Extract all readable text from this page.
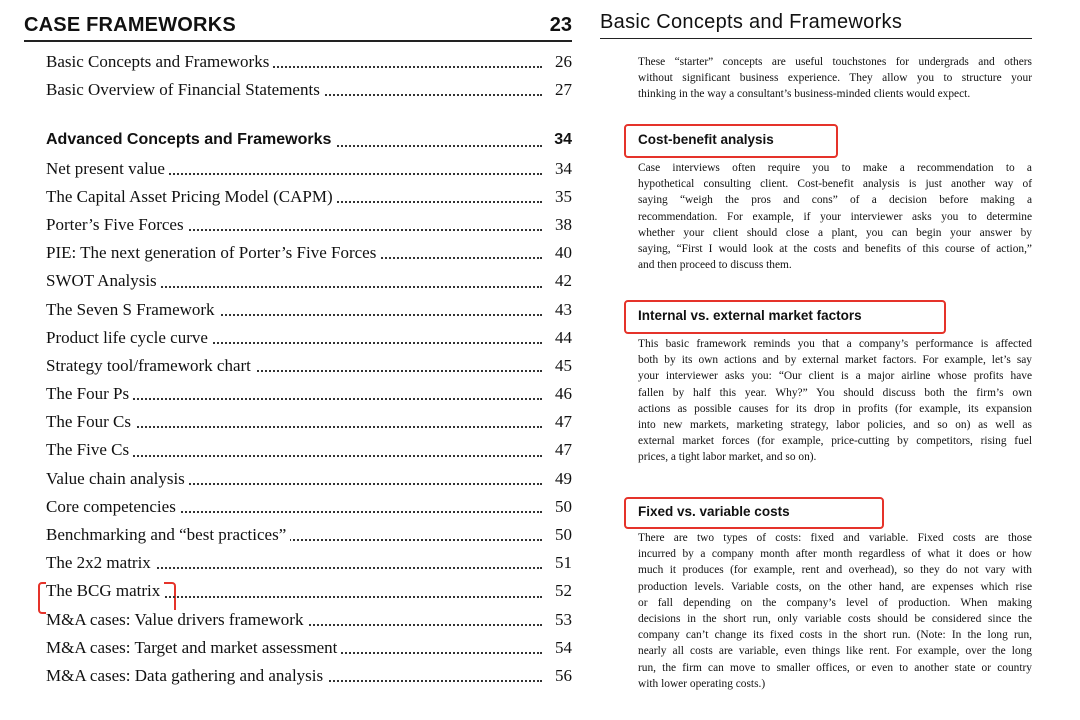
CASE FRAMEWORKS	23
Basic Concepts and Frameworks	26
Basic Overview of Financial Statements	27
Advanced Concepts and Frameworks	34
Net present value	34
The Capital Asset Pricing Model (CAPM)	35
Porter’s Five Forces	38
PIE: The next generation of Porter’s Five Forces	40
SWOT Analysis	42
The Seven S Framework	43
Product life cycle curve	44
Strategy tool/framework chart	45
The Four Ps	46
The Four Cs	47
The Five Cs	47
Value chain analysis	49
Core competencies	50
Benchmarking and “best practices”	50
The 2x2 matrix	51
The BCG matrix	52
M&A cases: Value drivers framework	53
M&A cases: Target and market assessment	54
M&A cases: Data gathering and analysis	56
Basic Concepts and Frameworks
These “starter” concepts are useful touchstones for undergrads and others
without significant business experience. They allow you to structure your
thinking in the way a consultant’s business-minded clients would expect.
Cost-benefit analysis
Case interviews often require you to make a recommendation to a
hypothetical consulting client. Cost-benefit analysis is just another way of
saying “weigh the pros and cons” of a decision before making a
recommendation. For example, if your interviewer asks you to determine
whether your client should close a plant, you can begin your answer by
saying, “First I would look at the costs and benefits of this course of action,”
and then proceed to discuss them.
Internal vs. external market factors
This basic framework reminds you that a company’s performance is affected
both by its own actions and by external market factors. For example, let’s say
your interviewer asks you: “Our client is a major airline whose profits have
fallen by half this year. Why?” You should discuss both the firm’s own
actions as possible causes for its drop in profits (for example, its expansion
into new markets, marketing strategy, labor policies, and so on) as well as
external market forces (for example, price-cutting by competitors, rising fuel
prices, a tight labor market, and so on).
Fixed vs. variable costs
There are two types of costs: fixed and variable. Fixed costs are those
incurred by a company month after month regardless of what it does or how
much it produces (for example, rent and overhead), so they do not vary with
production levels. Variable costs, on the other hand, are expenses which rise
or fall depending on the company’s level of production. When making
decisions in the short run, only variable costs should be considered since the
company can’t change its fixed costs in the short run. (Note: In the long run,
nearly all costs are variable, even things like rent. For example, over the long
run, the firm can move to smaller offices, or even to another state or country
with lower operating costs.)
